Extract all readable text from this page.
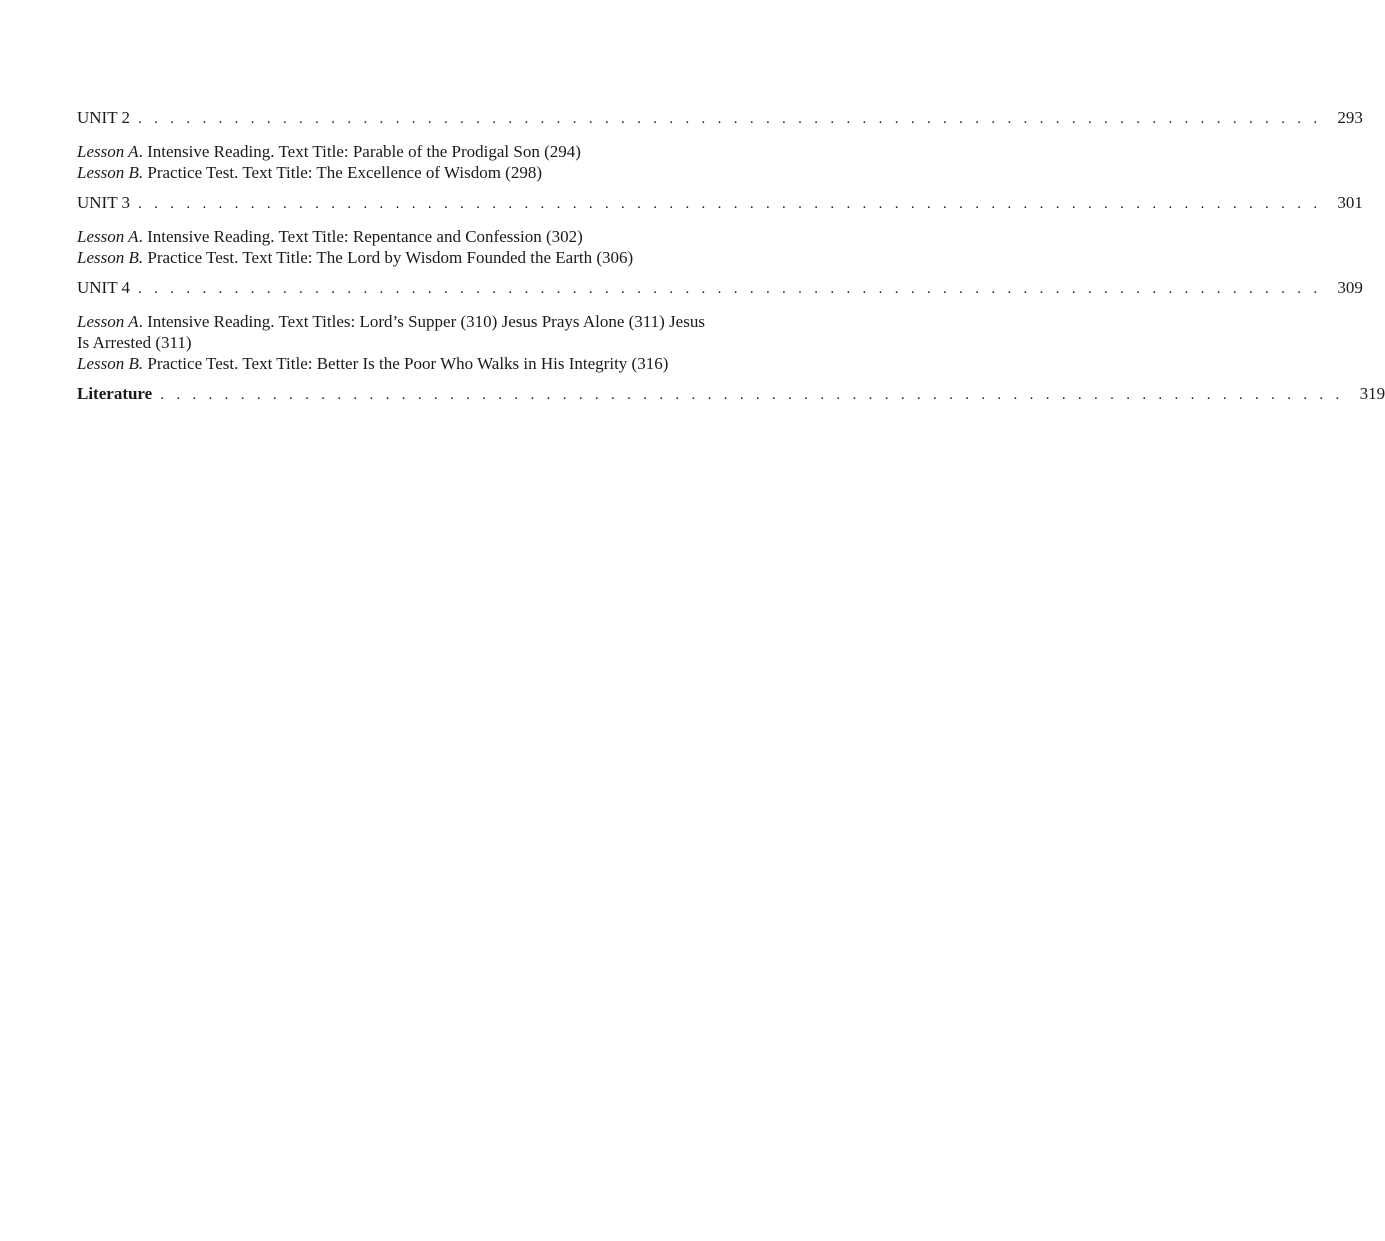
UNIT 2 . . . . . . . . . . . . . . . . . . . . . . . . . . . . . . . . . . . . . . . . . . . . . . . . . . . . . . . . . . . . . . . . . . . . . . . . . . 293

Lesson A. Intensive Reading. Text Title: Parable of the Prodigal Son (294)

Lesson B. Practice Test. Text Title: The Excellence of Wisdom (298)

UNIT 3 . . . . . . . . . . . . . . . . . . . . . . . . . . . . . . . . . . . . . . . . . . . . . . . . . . . . . . . . . . . . . . . . . . . . . . . . . . 301

Lesson A. Intensive Reading. Text Title: Repentance and Confession (302)

Lesson B. Practice Test. Text Title: The Lord by Wisdom Founded the Earth (306)

UNIT 4 . . . . . . . . . . . . . . . . . . . . . . . . . . . . . . . . . . . . . . . . . . . . . . . . . . . . . . . . . . . . . . . . . . . . . . . . . . 309

Lesson A. Intensive Reading. Text Titles: Lord’s Supper (310) Jesus Prays Alone (311) Jesus Is Arrested (311)

Lesson B. Practice Test. Text Title: Better Is the Poor Who Walks in His Integrity (316)

Literature . . . . . . . . . . . . . . . . . . . . . . . . . . . . . . . . . . . . . . . . . . . . . . . . . . . . . . . . . . . . . . . . . . . . . . . . . . 319
